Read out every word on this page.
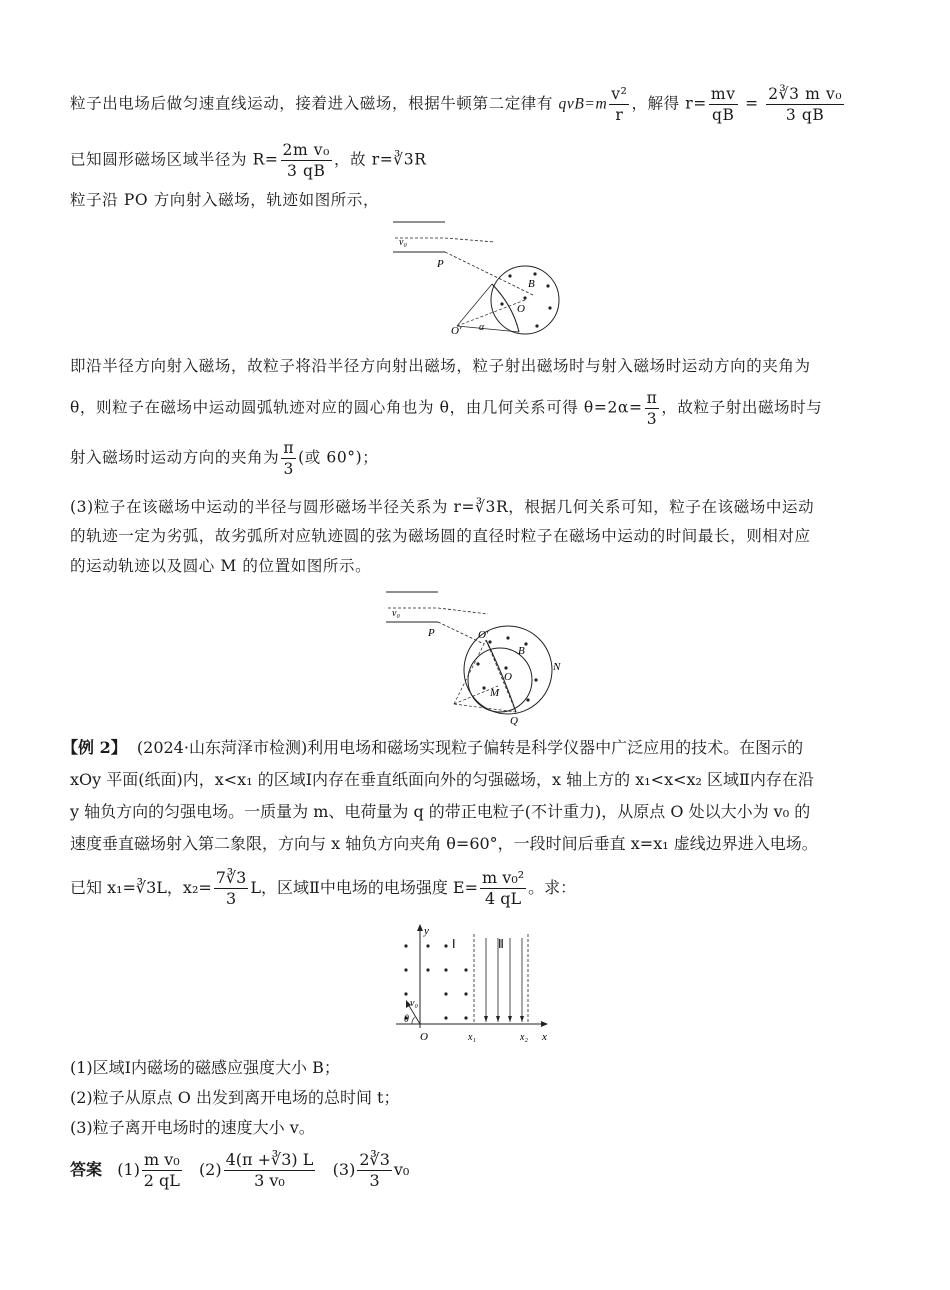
粒子出电场后做匀速直线运动，接着进入磁场，根据牛顿第二定律有 $qvB=m \frac{\text{v²}}{r}$ ，解得 $r= \frac{mv}{qB} = \frac{\text{2∛3 m v₀}}{3 qB}$
已知圆形磁场区域半径为 $R= \frac{\text{2m v₀}}{3 qB}$ ，故 r=∛3R
粒子沿 PO 方向射入磁场，轨迹如图所示，
v₀
P
B
O
O′ α
即沿半径方向射入磁场，故粒子将沿半径方向射出磁场，粒子射出磁场时与射入磁场时运动方向的夹角为
θ，则粒子在磁场中运动圆弧轨迹对应的圆心角也为 θ，由几何关系可得 $\theta=2\alpha= \frac{\pi}{3}$ ，故粒子射出磁场时与
射入磁场时运动方向的夹角为 $\frac{\pi}{3}$ (或 60°)；
(3)粒子在该磁场中运动的半径与圆形磁场半径关系为 r=∛3R，根据几何关系可知，粒子在该磁场中运动
的轨迹一定为劣弧，故劣弧所对应轨迹圆的弦为磁场圆的直径时粒子在磁场中运动的时间最长，则相对应
的运动轨迹以及圆心 M 的位置如图所示。
v₀
P	O′
B
N
O
M
Q
【例 2】 (2024·山东菏泽市检测)利用电场和磁场实现粒子偏转是科学仪器中广泛应用的技术。在图示的
xOy 平面(纸面)内，x<x₁ 的区域Ⅰ内存在垂直纸面向外的匀强磁场，x 轴上方的 x₁<x<x₂ 区域Ⅱ内存在沿
y 轴负方向的匀强电场。一质量为 m、电荷量为 q 的带正电粒子(不计重力)，从原点 O 处以大小为 v₀ 的
速度垂直磁场射入第二象限，方向与 x 轴负方向夹角 θ=60°，一段时间后垂直 x=x₁ 虚线边界进入电场。
已知 x₁=∛3L，$x_2= \frac{7∛3}{3}$ L，区域Ⅱ中电场的电场强度 $E= \frac{\text{m v₀²}}{4 qL}$ 。求：
y
x
O
Ⅰ	Ⅱ
x₁	x₂
v₀
θ
(1)区域Ⅰ内磁场的磁感应强度大小 B；
(2)粒子从原点 O 出发到离开电场的总时间 t；
(3)粒子离开电场时的速度大小 v。
答案 $(1) \frac{\text{m v₀}}{2 qL} (2) \frac{4(\pi +∛3) L}{\text{3 v₀}} (3) \frac{2∛3}{3} v_0$
